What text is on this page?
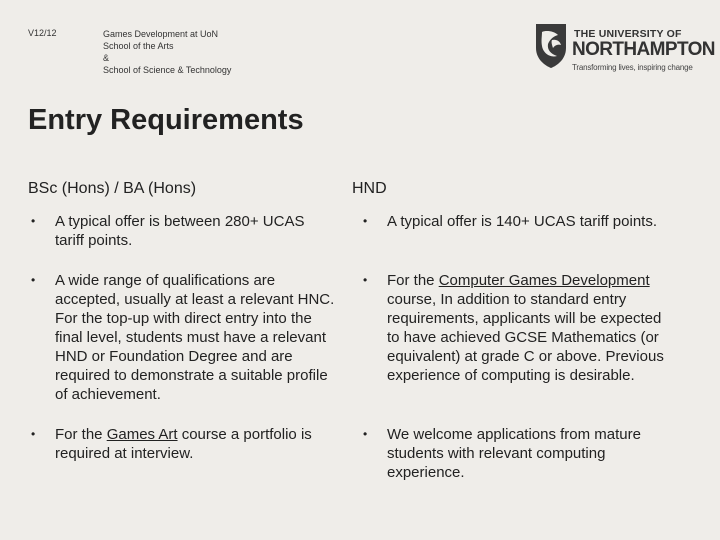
V12/12	Games Development at UoN
School of the Arts
&
School of Science & Technology
THE UNIVERSITY OF
NORTHAMPTON
Transforming lives, inspiring change
Entry Requirements
BSc (Hons) / BA (Hons)	HND
• A typical offer is between 280+ UCAS
tariff points.
• A wide range of qualifications are
accepted, usually at least a relevant HNC.
For the top-up with direct entry into the
final level, students must have a relevant
HND or Foundation Degree and are
required to demonstrate a suitable profile
of achievement.
• For the Games Art course a portfolio is
required at interview.
• A typical offer is 140+ UCAS tariff points.
• For the Computer Games Development
course, In addition to standard entry
requirements, applicants will be expected
to have achieved GCSE Mathematics (or
equivalent) at grade C or above. Previous
experience of computing is desirable.
• We welcome applications from mature
students with relevant computing
experience.
